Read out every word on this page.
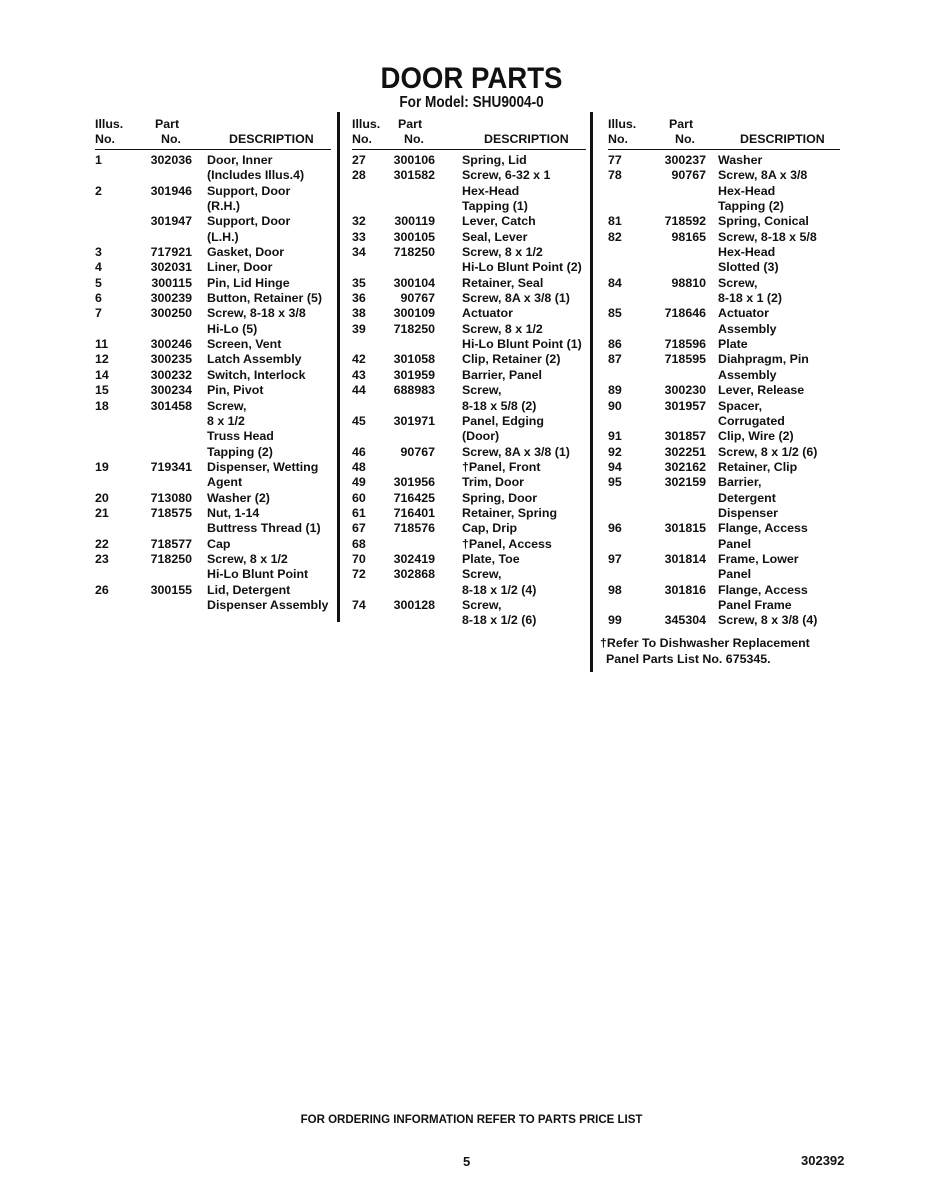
DOOR PARTS
For Model: SHU9004-0
†Refer To Dishwasher Replacement
Panel Parts List No. 675345.
FOR ORDERING INFORMATION REFER TO PARTS PRICE LIST
5	302392
Illus.
No.
Part
No.	DESCRIPTION
1	302036 Door, Inner
(Includes Illus.4)
2	301946 Support, Door
(R.H.)
301947 Support, Door
(L.H.)
3	717921 Gasket, Door
4	302031 Liner, Door
5	300115 Pin, Lid Hinge
6	300239 Button, Retainer (5)
7	300250 Screw, 8-18 x 3/8
Hi-Lo (5)
11	300246 Screen, Vent
12	300235 Latch Assembly
14	300232 Switch, Interlock
15	300234 Pin, Pivot
18	301458 Screw,
8 x 1/2
Truss Head
Tapping (2)
19	719341 Dispenser, Wetting
Agent
20	713080 Washer (2)
21	718575 Nut, 1-14
Buttress Thread (1)
22	718577 Cap
23	718250 Screw, 8 x 1/2
Hi-Lo Blunt Point
26	300155 Lid, Detergent
Dispenser Assembly
Illus.
No.
Part
No.	DESCRIPTION
27 300106 Spring, Lid
28 301582 Screw, 6-32 x 1
Hex-Head
Tapping (1)
32 300119 Lever, Catch
33 300105 Seal, Lever
34 718250 Screw, 8 x 1/2
Hi-Lo Blunt Point (2)
35 300104 Retainer, Seal
36	90767 Screw, 8A x 3/8 (1)
38 300109 Actuator
39 718250 Screw, 8 x 1/2
Hi-Lo Blunt Point (1)
42 301058 Clip, Retainer (2)
43 301959 Barrier, Panel
44 688983 Screw,
8-18 x 5/8 (2)
45 301971 Panel, Edging
(Door)
46	90767 Screw, 8A x 3/8 (1)
48	†Panel, Front
49 301956 Trim, Door
60 716425 Spring, Door
61 716401 Retainer, Spring
67 718576 Cap, Drip
68	†Panel, Access
70 302419 Plate, Toe
72 302868 Screw,
8-18 x 1/2 (4)
74 300128 Screw,
8-18 x 1/2 (6)
Illus.
No.
Part
No.	DESCRIPTION
77	300237 Washer
78	90767 Screw, 8A x 3/8
Hex-Head
Tapping (2)
81	718592 Spring, Conical
82	98165 Screw, 8-18 x 5/8
Hex-Head
Slotted (3)
84	98810 Screw,
8-18 x 1 (2)
85	718646 Actuator
Assembly
86	718596 Plate
87	718595 Diahpragm, Pin
Assembly
89	300230 Lever, Release
90	301957 Spacer,
Corrugated
91	301857 Clip, Wire (2)
92	302251 Screw, 8 x 1/2 (6)
94	302162 Retainer, Clip
95	302159 Barrier,
Detergent
Dispenser
96	301815 Flange, Access
Panel
97	301814 Frame, Lower
Panel
98	301816 Flange, Access
Panel Frame
99	345304 Screw, 8 x 3/8 (4)
